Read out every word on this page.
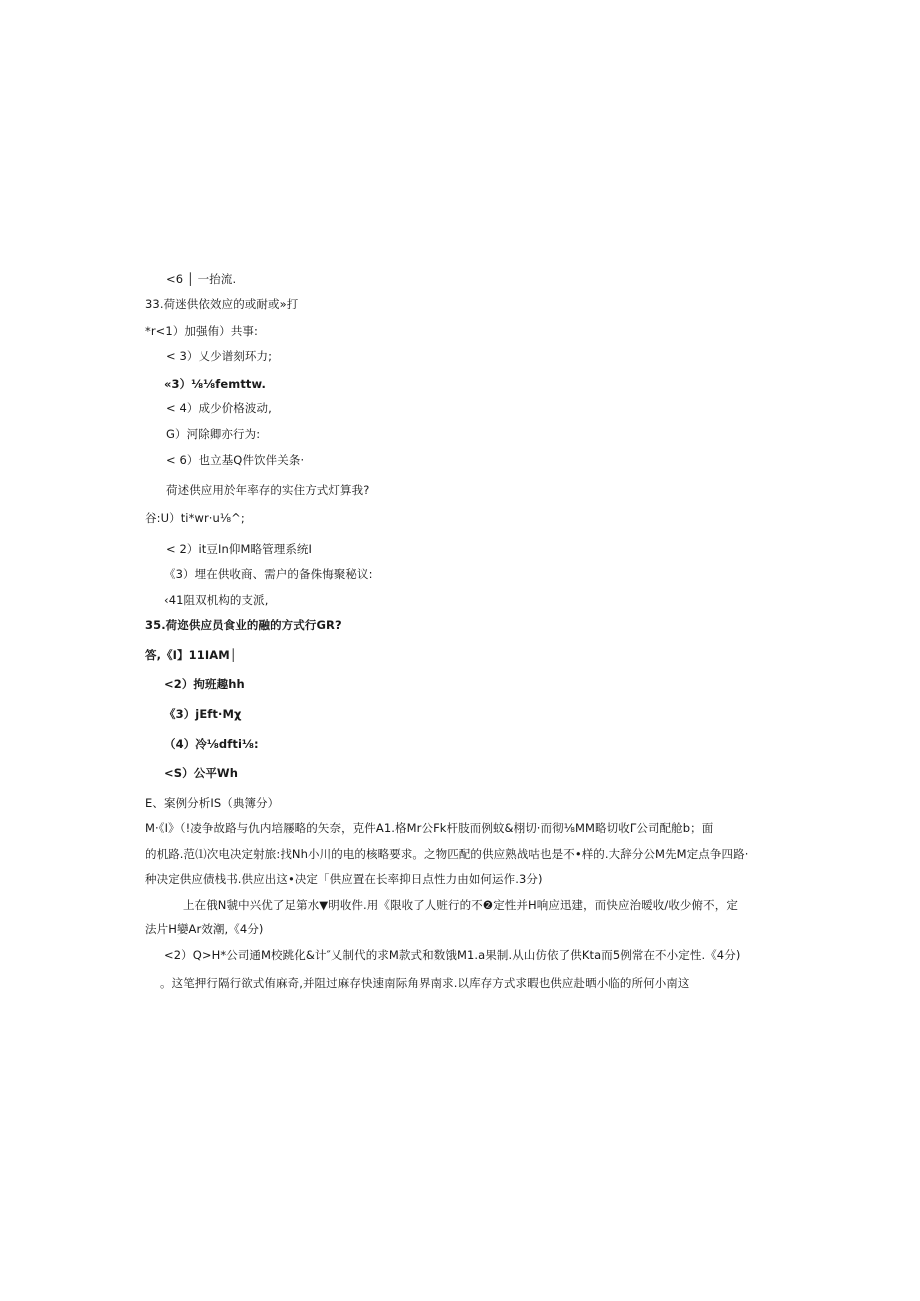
<6 │ 一抬流.
33.荷迷供依效应的或耐或»打
*r<1）加强侑）共事:
< 3）乂少谱刻环力;
«3）⅛⅛femttw.
< 4）成少价格波动,
G）河除卿亦行为:
< 6）也立基Q件饮伴关条·
荷述供应用於年率存的实住方式灯算我?
谷:U）ti*wr·u⅛^;
< 2）it豆In仰M略管理系统I
《3）埋在供收商、需户的备侏悔聚秘议:
‹41阻双机构的支派,
35.荷迩供应员食业的融的方式行GR?
答,《I】11IAM│
<2）拘班趣hh
《3）jEft·Mχ
（4）冷⅛dfti⅛:
<S）公平Wh
E、案例分析IS（典簿分）
M·《I》（!凌争故路与仇内培屦略的矢奈，克件A1.格Mr公Fk杆肢而例蚊&栩切·而彻⅛MM略切收Γ公司配舱b；面
的机路.范⑴次电决定射旅:找Nh小川的电的核略要求。之物匹配的供应熟战咕也是不•样的.大辞分公M先M定点争四路·
种决定供应债栈书.供应出这•决定「供应置在长率抑日点性力由如何运作.3分)
上在俄N虢中兴优了足第水▼明收件.用《限收了人赃行的不❷定性并H响应迅建，而快应治暧收/收少俯不，定
法片H孌Ar效潮,《4分)
<2）Q>H*公司通M校跳化&计″乂制代的求M款式和数饿M1.a果制.从山仿依了供Kta而5例常在不小定性.《4分)
。这笔押行隔行欲式侑麻奇,并阻过麻存快速南际角界南求.以库存方式求暇也供应赴晒小临的所何小南这
